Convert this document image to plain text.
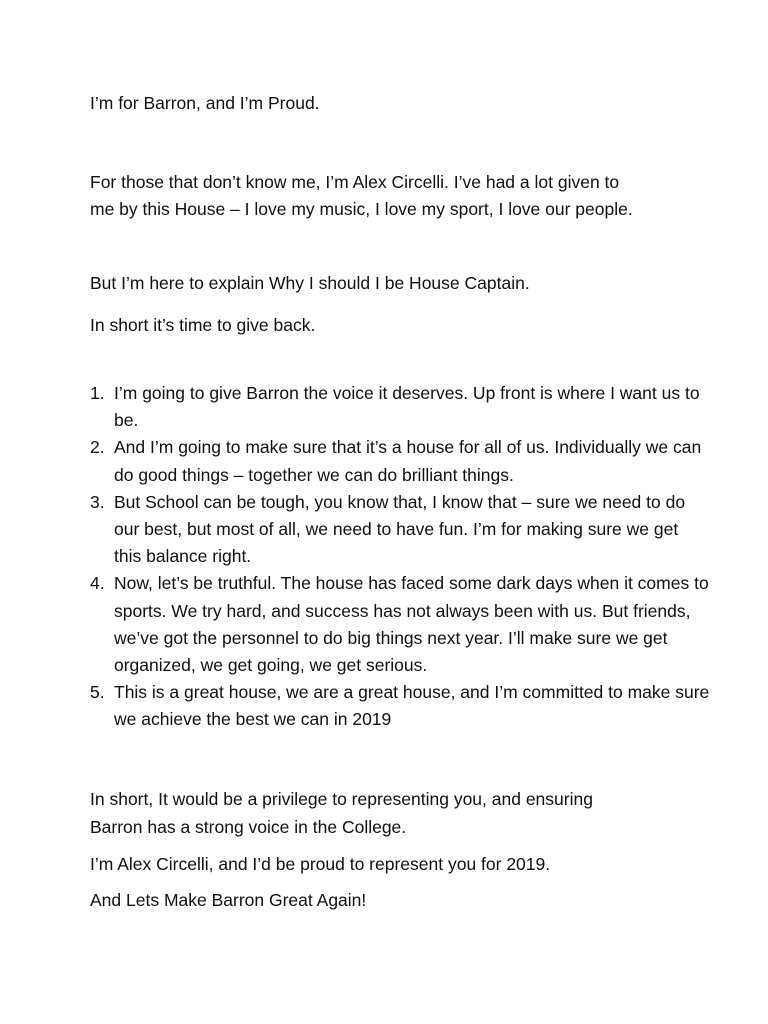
I’m for Barron, and I’m Proud.

For those that don’t know me, I’m Alex Circelli. I’ve had a lot given to

me by this House – I love my music, I love my sport, I love our people.

But I’m here to explain Why I should I be House Captain.

In short it’s time to give back.

1. I’m going to give Barron the voice it deserves. Up front is where I want us to be.
2. And I’m going to make sure that it’s a house for all of us. Individually we can do good things – together we can do brilliant things.
3. But School can be tough, you know that, I know that – sure we need to do our best, but most of all, we need to have fun. I’m for making sure we get this balance right.
4. Now, let’s be truthful. The house has faced some dark days when it comes to sports. We try hard, and success has not always been with us. But friends, we’ve got the personnel to do big things next year. I’ll make sure we get organized, we get going, we get serious.
5. This is a great house, we are a great house, and I’m committed to make sure we achieve the best we can in 2019

In short, It would be a privilege to representing you, and ensuring

Barron has a strong voice in the College.

I’m Alex Circelli, and I’d be proud to represent you for 2019.

And Lets Make Barron Great Again!
